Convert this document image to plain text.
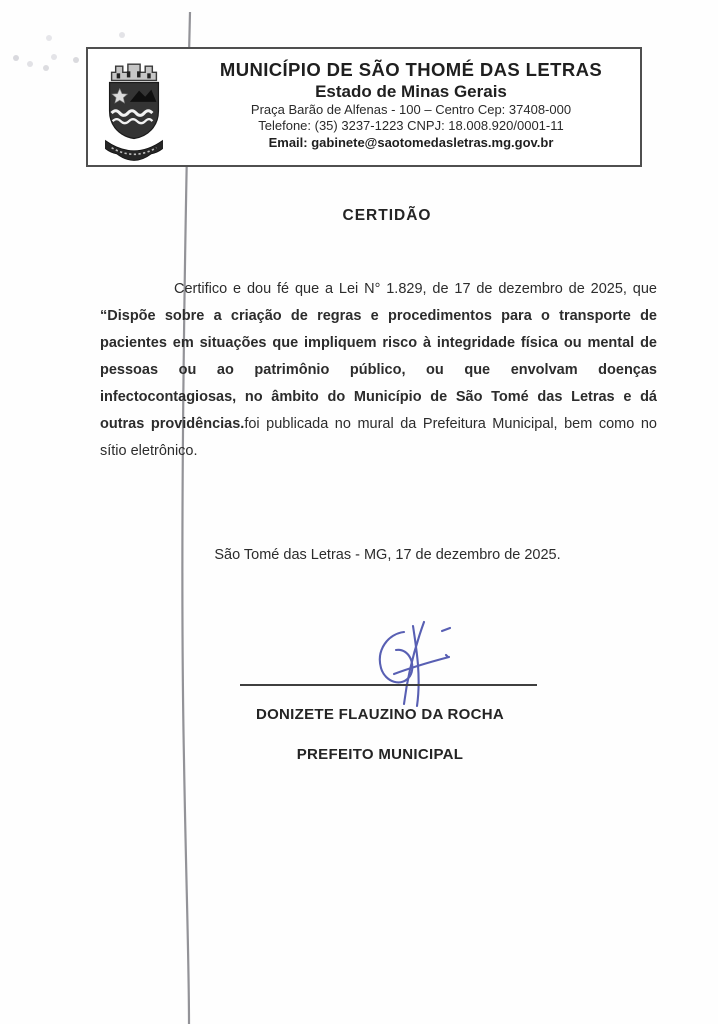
MUNICÍPIO DE SÃO THOMÉ DAS LETRAS
Estado de Minas Gerais
Praça Barão de Alfenas - 100 – Centro Cep: 37408-000
Telefone: (35) 3237-1223 CNPJ: 18.008.920/0001-11
Email: gabinete@saotomedasletras.mg.gov.br
CERTIDÃO
Certifico e dou fé que a Lei N° 1.829, de 17 de dezembro de 2025, que
“Dispõe sobre a criação de regras e procedimentos para o transporte de
pacientes em situações que impliquem risco à integridade física ou mental de
pessoas ou ao patrimônio público, ou que envolvam doenças
infectocontagiosas, no âmbito do Município de São Tomé das Letras e dá
outras providências.foi publicada no mural da Prefeitura Municipal, bem como no
sítio eletrônico.
São Tomé das Letras - MG, 17 de dezembro de 2025.
DONIZETE FLAUZINO DA ROCHA
PREFEITO MUNICIPAL
